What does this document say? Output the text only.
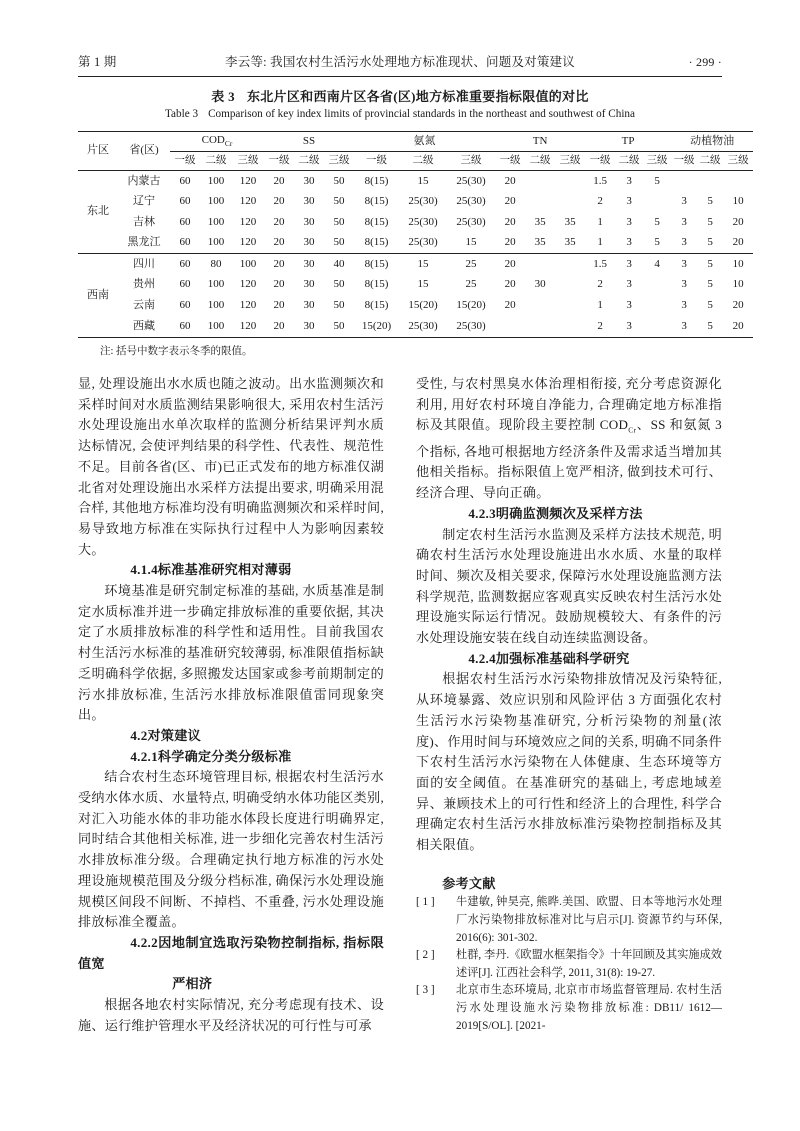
第 1 期	李云等: 我国农村生活污水处理地方标准现状、问题及对策建议	· 299 ·
表 3 东北片区和西南片区各省(区)地方标准重要指标限值的对比
Table 3 Comparison of key index limits of provincial standards in the northeast and southwest of China
片区	省(区)	$COD_{Cr}$			SS			氨氮			TN			TP			动植物油		
		一级	二级	三级	一级	二级	三级	一级	二级	三级	一级	二级	三级	一级	二级	三级	一级	二级	三级
东北	内蒙古	60	100	120	20	30	50	8(15)	15	25(30)	20			1.5	3	5			
	辽宁	60	100	120	20	30	50	8(15)	25(30)	25(30)	20			2	3		3	5	10
	吉林	60	100	120	20	30	50	8(15)	25(30)	25(30)	20	35	35	1	3	5	3	5	20
	黑龙江	60	100	120	20	30	50	8(15)	25(30)	15	20	35	35	1	3	5	3	5	20
西南	四川	60	80	100	20	30	40	8(15)	15	25	20			1.5	3	4	3	5	10
	贵州	60	100	120	20	30	50	8(15)	15	25	20	30		2	3		3	5	10
	云南	60	100	120	20	30	50	8(15)	15(20)	15(20)	20			1	3		3	5	20
	西藏	60	100	120	20	30	50	15(20)	25(30)	25(30)				2	3		3	5	20

注: 括号中数字表示冬季的限值。

显, 处理设施出水水质也随之波动。出水监测频次和采样时间对水质监测结果影响很大, 采用农村生活污水处理设施出水单次取样的监测分析结果评判水质达标情况, 会使评判结果的科学性、代表性、规范性不足。目前各省(区、市)已正式发布的地方标准仅湖北省对处理设施出水采样方法提出要求, 明确采用混合样, 其他地方标准均没有明确监测频次和采样时间, 易导致地方标准在实际执行过程中人为影响因素较大。

4.1.4标准基准研究相对薄弱

环境基准是研究制定标准的基础, 水质基准是制定水质标准并进一步确定排放标准的重要依据, 其决定了水质排放标准的科学性和适用性。目前我国农村生活污水标准的基准研究较薄弱, 标准限值指标缺乏明确科学依据, 多照搬发达国家或参考前期制定的污水排放标准, 生活污水排放标准限值雷同现象突出。

4.2对策建议

4.2.1科学确定分类分级标准

结合农村生态环境管理目标, 根据农村生活污水受纳水体水质、水量特点, 明确受纳水体功能区类别, 对汇入功能水体的非功能水体段长度进行明确界定, 同时结合其他相关标准, 进一步细化完善农村生活污水排放标准分级。合理确定执行地方标准的污水处理设施规模范围及分级分档标准, 确保污水处理设施规模区间段不间断、不掉档、不重叠, 污水处理设施排放标准全覆盖。

4.2.2因地制宜选取污染物控制指标, 指标限值宽
严相济

根据各地农村实际情况, 充分考虑现有技术、设施、运行维护管理水平及经济状况的可行性与可承

受性, 与农村黑臭水体治理相衔接, 充分考虑资源化利用, 用好农村环境自净能力, 合理确定地方标准指标及其限值。现阶段主要控制 $COD_{Cr}$、SS 和氨氮 3 个指标, 各地可根据地方经济条件及需求适当增加其他相关指标。指标限值上宽严相济, 做到技术可行、经济合理、导向正确。

4.2.3明确监测频次及采样方法

制定农村生活污水监测及采样方法技术规范, 明确农村生活污水处理设施进出水水质、水量的取样时间、频次及相关要求, 保障污水处理设施监测方法科学规范, 监测数据应客观真实反映农村生活污水处理设施实际运行情况。鼓励规模较大、有条件的污水处理设施安装在线自动连续监测设备。

4.2.4加强标准基础科学研究

根据农村生活污水污染物排放情况及污染特征, 从环境暴露、效应识别和风险评估 3 方面强化农村生活污水污染物基准研究, 分析污染物的剂量(浓度)、作用时间与环境效应之间的关系, 明确不同条件下农村生活污水污染物在人体健康、生态环境等方面的安全阈值。在基准研究的基础上, 考虑地域差异、兼顾技术上的可行性和经济上的合理性, 科学合理确定农村生活污水排放标准污染物控制指标及其相关限值。

参考文献

[ 1 ]	牛建敏, 钟昊亮, 熊晔.美国、欧盟、日本等地污水处理厂水污染物排放标准对比与启示[J]. 资源节约与环保, 2016(6): 301-302.
[ 2 ]	杜群, 李丹.《欧盟水框架指令》十年回顾及其实施成效述评[J]. 江西社会科学, 2011, 31(8): 19-27.
[ 3 ]	北京市生态环境局, 北京市市场监督管理局. 农村生活污水处理设施水污染物排放标准: DB11/ 1612—2019[S/OL]. [2021-
